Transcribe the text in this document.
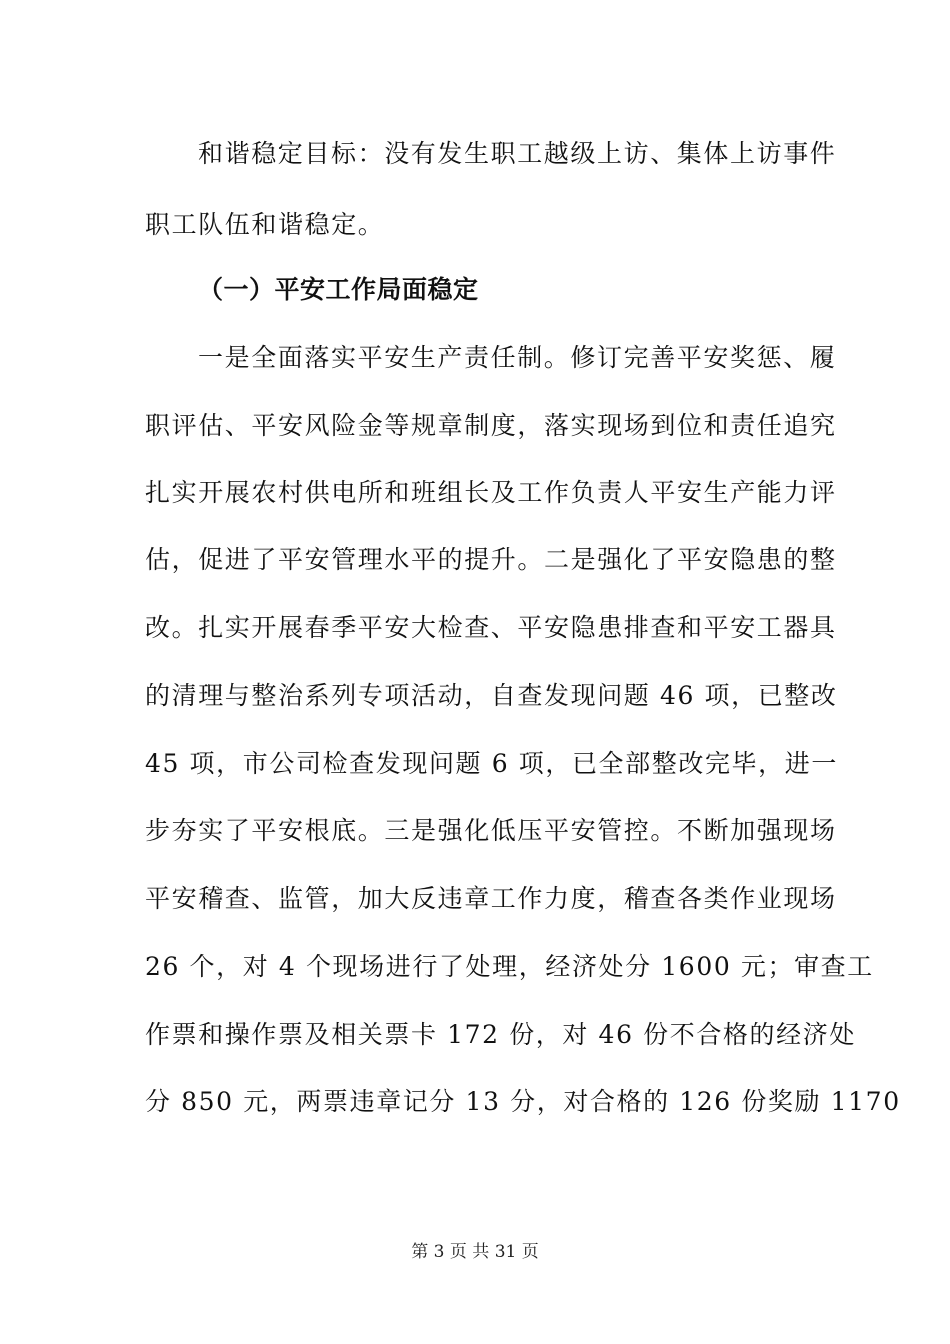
和谐稳定目标：没有发生职工越级上访、集体上访事件
职工队伍和谐稳定。
（一）平安工作局面稳定
一是全面落实平安生产责任制。修订完善平安奖惩、履
职评估、平安风险金等规章制度，落实现场到位和责任追究
扎实开展农村供电所和班组长及工作负责人平安生产能力评
估，促进了平安管理水平的提升。二是强化了平安隐患的整
改。扎实开展春季平安大检查、平安隐患排查和平安工器具
的清理与整治系列专项活动，自查发现问题 46 项，已整改
45 项，市公司检查发现问题 6 项，已全部整改完毕，进一
步夯实了平安根底。三是强化低压平安管控。不断加强现场
平安稽查、监管，加大反违章工作力度，稽查各类作业现场
26 个，对 4 个现场进行了处理，经济处分 1600 元；审查工
作票和操作票及相关票卡 172 份，对 46 份不合格的经济处
分 850 元，两票违章记分 13 分，对合格的 126 份奖励 1170
第 3 页 共 31 页
